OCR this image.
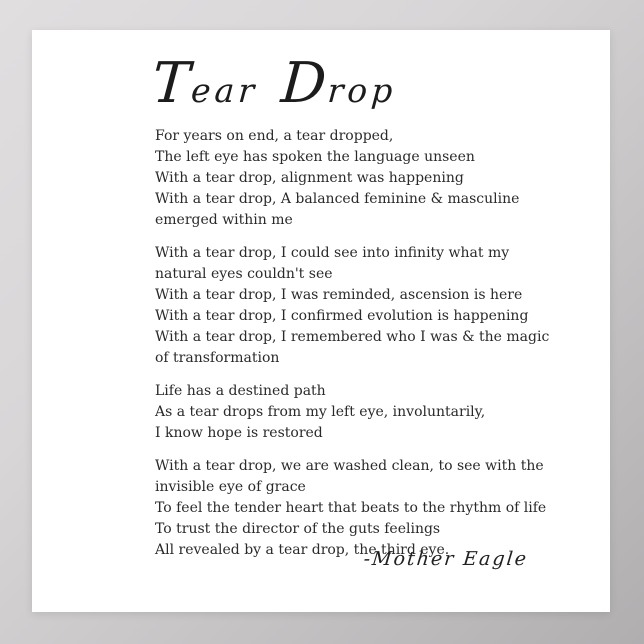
Tear Drop
For years on end, a tear dropped,
The left eye has spoken the language unseen
With a tear drop, alignment was happening
With a tear drop, A balanced feminine & masculine
emerged within me
With a tear drop, I could see into infinity what my
natural eyes couldn't see
With a tear drop, I was reminded, ascension is here
With a tear drop, I confirmed evolution is happening
With a tear drop, I remembered who I was & the magic
of transformation
Life has a destined path
As a tear drops from my left eye, involuntarily,
I know hope is restored
With a tear drop, we are washed clean, to see with the
invisible eye of grace
To feel the tender heart that beats to the rhythm of life
To trust the director of the guts feelings
All revealed by a tear drop, the third eye.
-Mother Eagle
